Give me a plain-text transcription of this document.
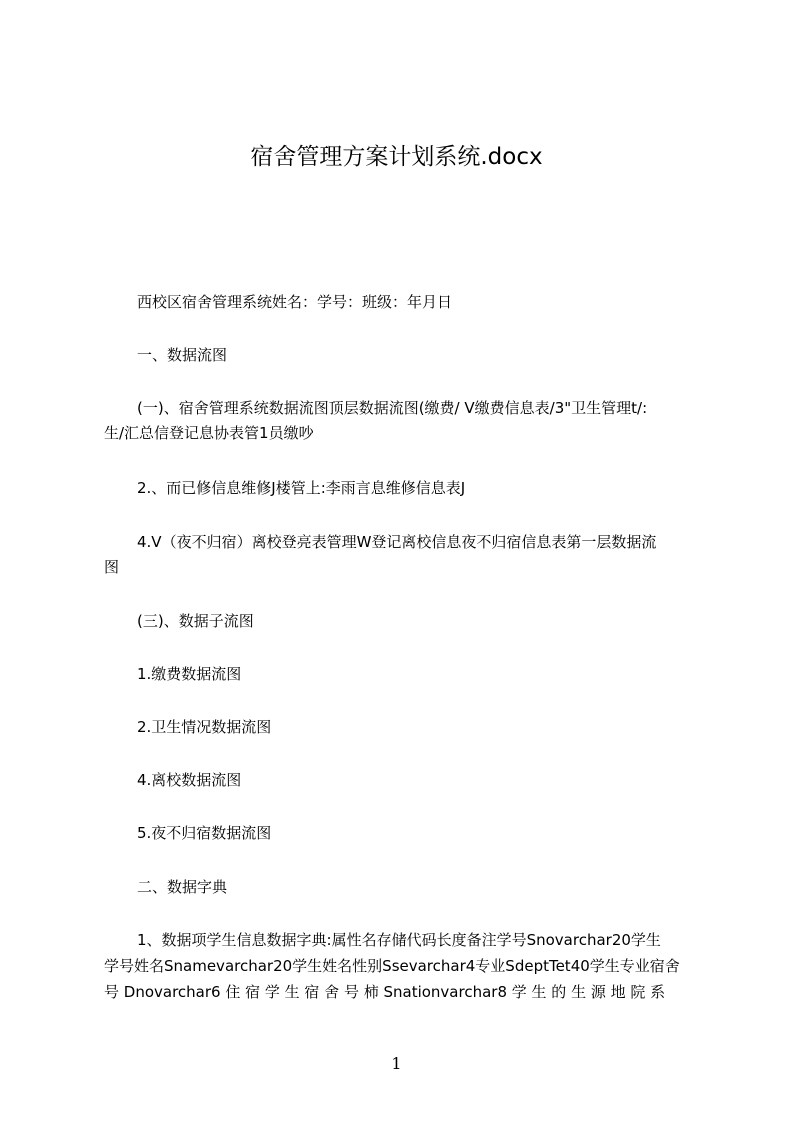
宿舍管理方案计划系统.docx
西校区宿舍管理系统姓名：学号：班级：年月日
一、数据流图
(一)、宿舍管理系统数据流图顶层数据流图(缴费/ V缴费信息表/3"卫生管理t/:
生/汇总信登记息协表管1员缴吵
2.、而已修信息维修J楼管上:李雨言息维修信息表J
4.V（夜不归宿）离校登亮表管理W登记离校信息夜不归宿信息表第一层数据流
图
(三)、数据子流图
1.缴费数据流图
2.卫生情况数据流图
4.离校数据流图
5.夜不归宿数据流图
二、数据字典
1、数据项学生信息数据字典:属性名存储代码长度备注学号Snovarchar20学生
学号姓名Snamevarchar20学生姓名性别Ssevarchar4专业SdeptTet40学生专业宿舍
号 Dnovarchar6 住 宿 学 生 宿 舍 号 柿 Snationvarchar8 学 生 的 生 源 地 院 系
1
